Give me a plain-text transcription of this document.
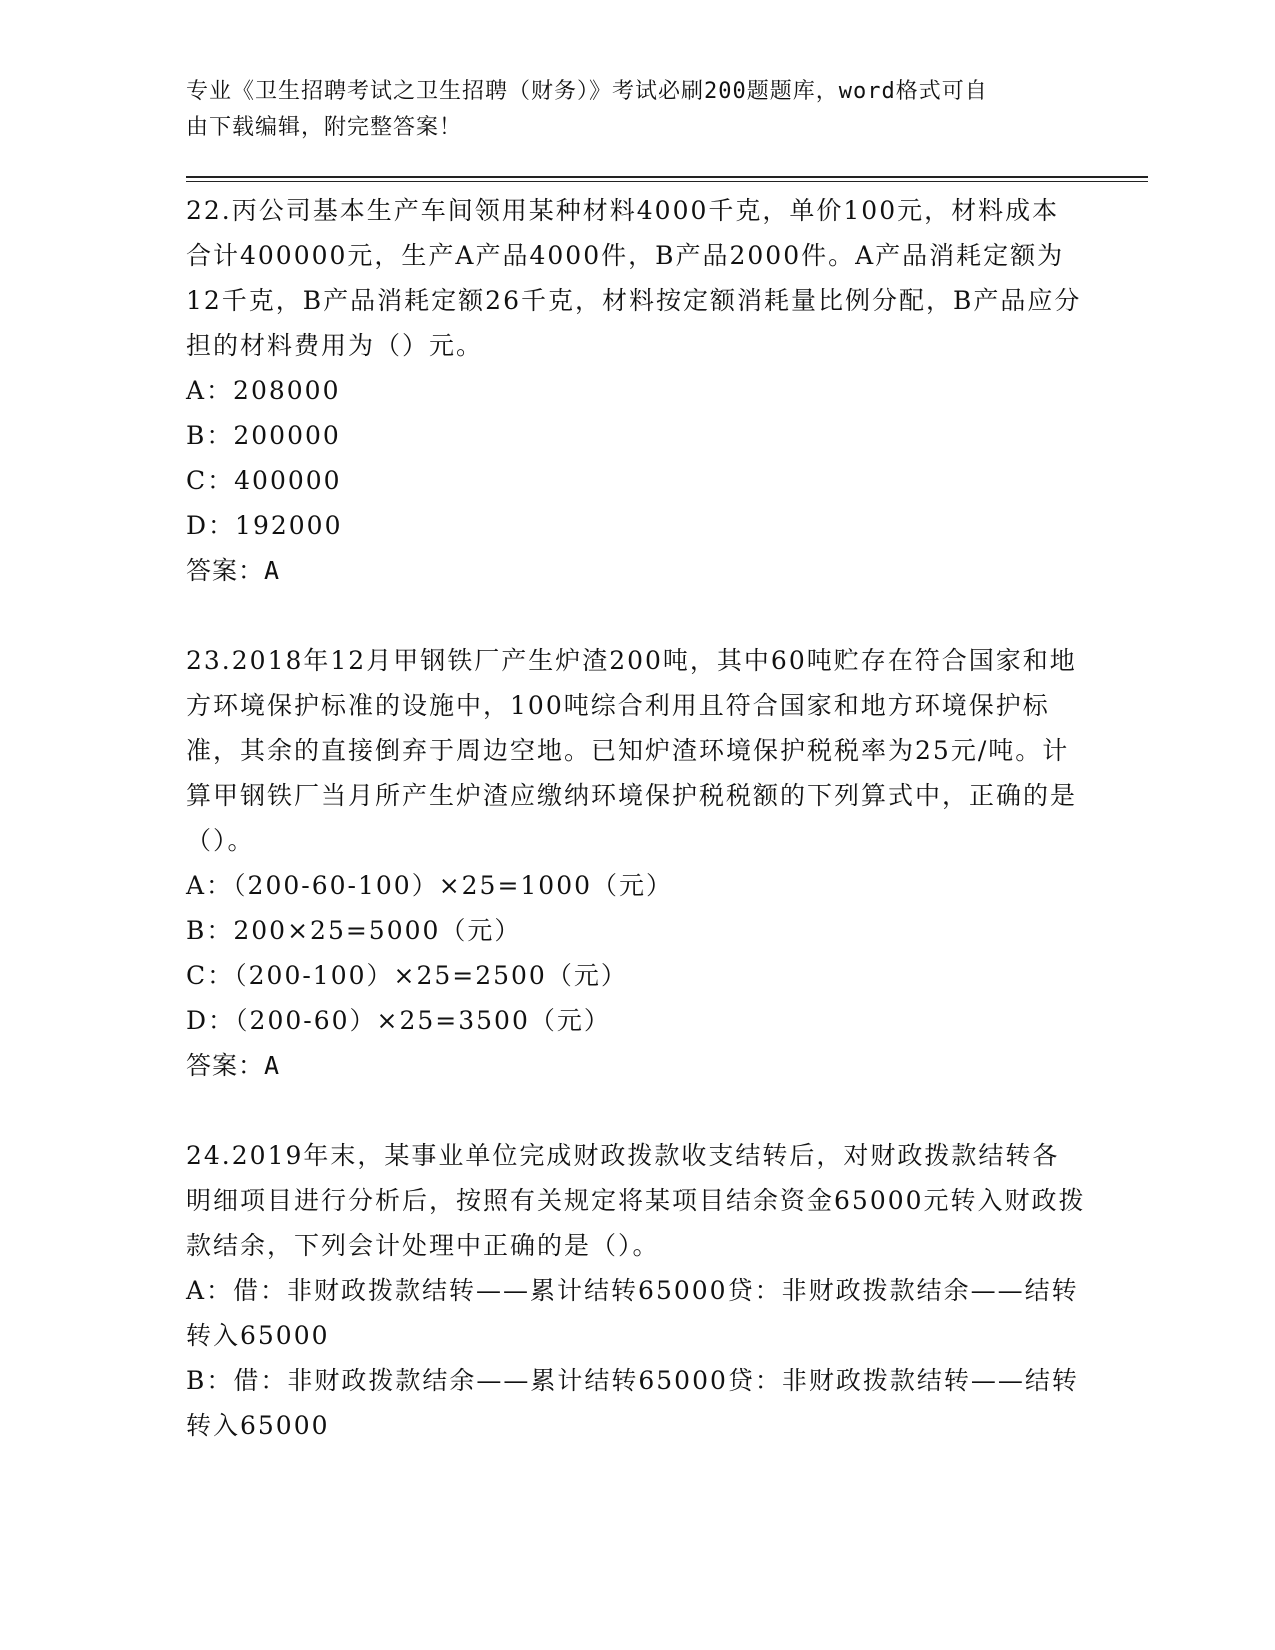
专业《卫生招聘考试之卫生招聘（财务）》考试必刷200题题库，word格式可自
由下载编辑，附完整答案！

22.丙公司基本生产车间领用某种材料4000千克，单价100元，材料成本合计400000元，生产A产品4000件，B产品2000件。A产品消耗定额为12千克，B产品消耗定额26千克，材料按定额消耗量比例分配，B产品应分担的材料费用为（）元。

A：208000

B：200000

C：400000

D：192000

答案：A

23.2018年12月甲钢铁厂产生炉渣200吨，其中60吨贮存在符合国家和地方环境保护标准的设施中，100吨综合利用且符合国家和地方环境保护标准，其余的直接倒弃于周边空地。已知炉渣环境保护税税率为25元/吨。计算甲钢铁厂当月所产生炉渣应缴纳环境保护税税额的下列算式中，正确的是（）。

A：（200-60-100）×25=1000（元）

B：200×25=5000（元）

C：（200-100）×25=2500（元）

D：（200-60）×25=3500（元）

答案：A

24.2019年末，某事业单位完成财政拨款收支结转后，对财政拨款结转各明细项目进行分析后，按照有关规定将某项目结余资金65000元转入财政拨款结余，下列会计处理中正确的是（）。

A：借：非财政拨款结转——累计结转65000贷：非财政拨款结余——结转转入65000

B：借：非财政拨款结余——累计结转65000贷：非财政拨款结转——结转转入65000
